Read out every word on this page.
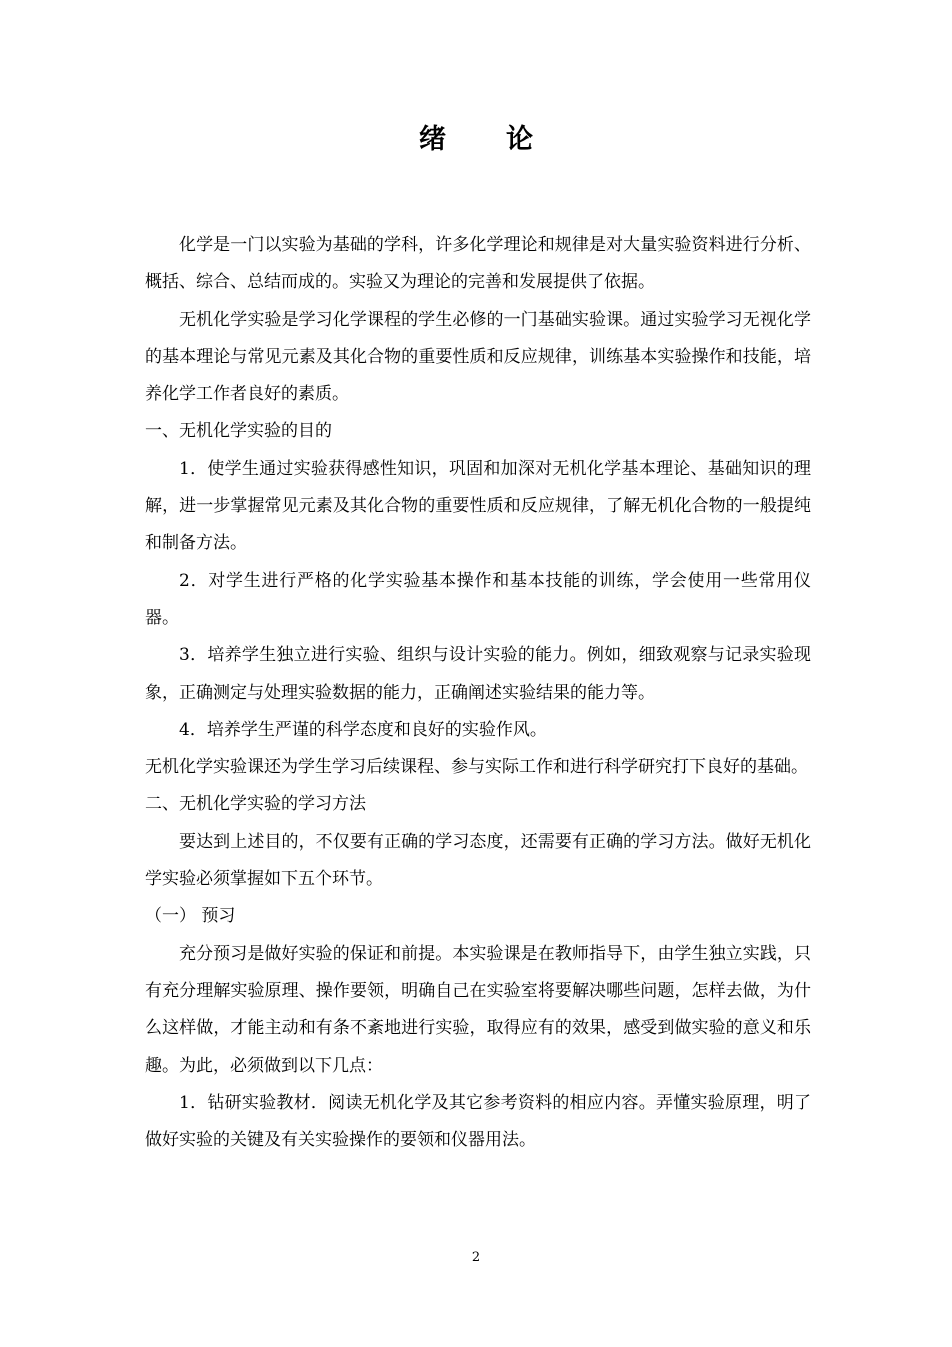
绪 论

化学是一门以实验为基础的学科，许多化学理论和规律是对大量实验资料进行分析、概括、综合、总结而成的。实验又为理论的完善和发展提供了依据。

无机化学实验是学习化学课程的学生必修的一门基础实验课。通过实验学习无视化学的基本理论与常见元素及其化合物的重要性质和反应规律，训练基本实验操作和技能，培养化学工作者良好的素质。

一、无机化学实验的目的

1．使学生通过实验获得感性知识，巩固和加深对无机化学基本理论、基础知识的理解，进一步掌握常见元素及其化合物的重要性质和反应规律，了解无机化合物的一般提纯和制备方法。

2．对学生进行严格的化学实验基本操作和基本技能的训练，学会使用一些常用仪器。

3．培养学生独立进行实验、组织与设计实验的能力。例如，细致观察与记录实验现象，正确测定与处理实验数据的能力，正确阐述实验结果的能力等。

4．培养学生严谨的科学态度和良好的实验作风。

无机化学实验课还为学生学习后续课程、参与实际工作和进行科学研究打下良好的基础。

二、无机化学实验的学习方法

要达到上述目的，不仅要有正确的学习态度，还需要有正确的学习方法。做好无机化学实验必须掌握如下五个环节。

（一） 预习

充分预习是做好实验的保证和前提。本实验课是在教师指导下，由学生独立实践，只有充分理解实验原理、操作要领，明确自己在实验室将要解决哪些问题，怎样去做，为什么这样做，才能主动和有条不紊地进行实验，取得应有的效果，感受到做实验的意义和乐趣。为此，必须做到以下几点：

1．钻研实验教材．阅读无机化学及其它参考资料的相应内容。弄懂实验原理，明了做好实验的关键及有关实验操作的要领和仪器用法。

2
